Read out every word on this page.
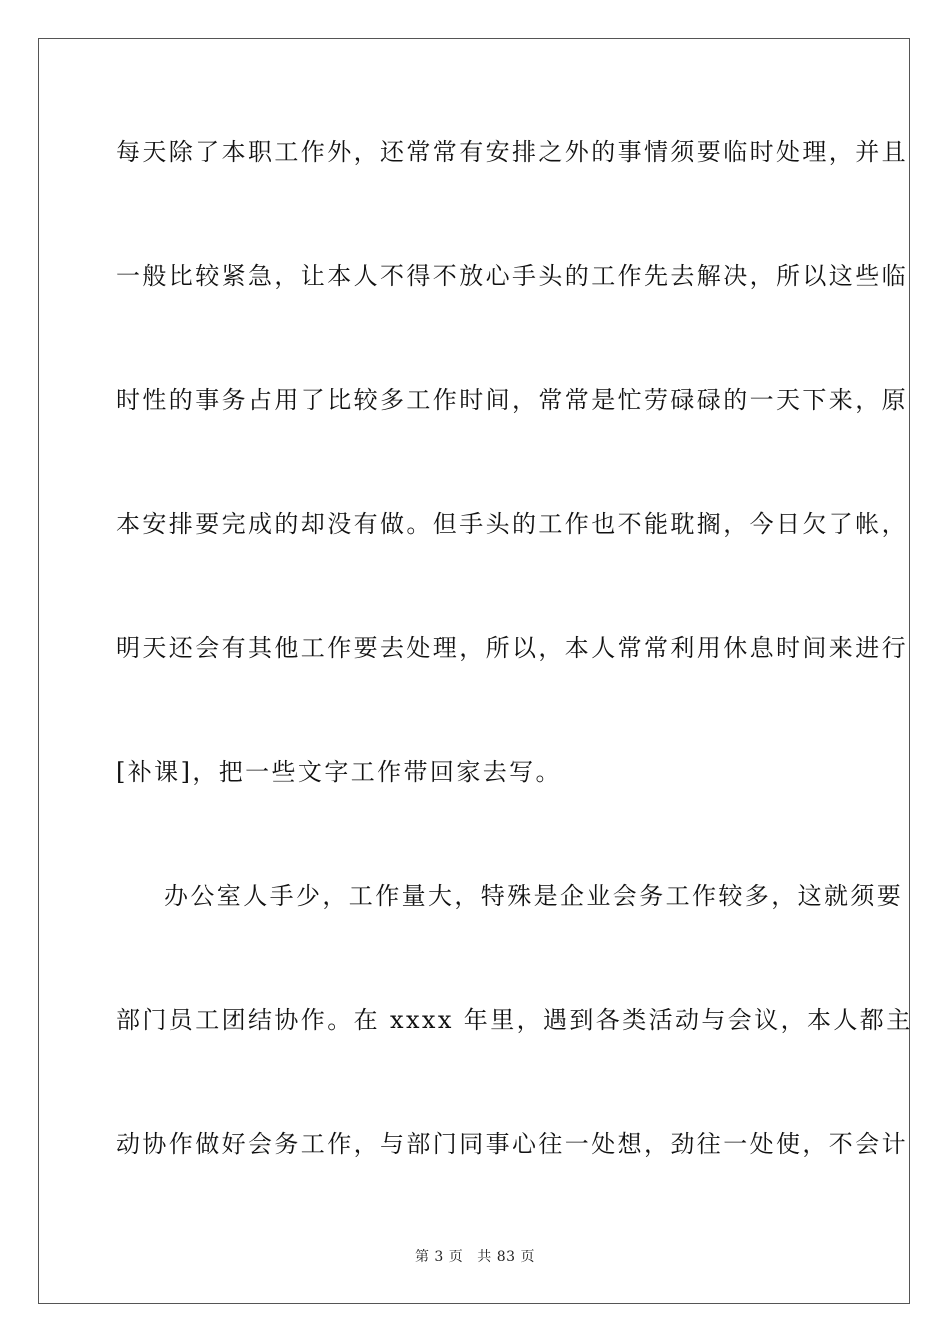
每天除了本职工作外，还常常有安排之外的事情须要临时处理，并且
一般比较紧急，让本人不得不放心手头的工作先去解决，所以这些临
时性的事务占用了比较多工作时间，常常是忙劳碌碌的一天下来，原
本安排要完成的却没有做。但手头的工作也不能耽搁，今日欠了帐，
明天还会有其他工作要去处理，所以，本人常常利用休息时间来进行
[补课]，把一些文字工作带回家去写。
办公室人手少，工作量大，特殊是企业会务工作较多，这就须要
部门员工团结协作。在 xxxx 年里，遇到各类活动与会议，本人都主
动协作做好会务工作，与部门同事心往一处想，劲往一处使，不会计
第 3 页 共 83 页
